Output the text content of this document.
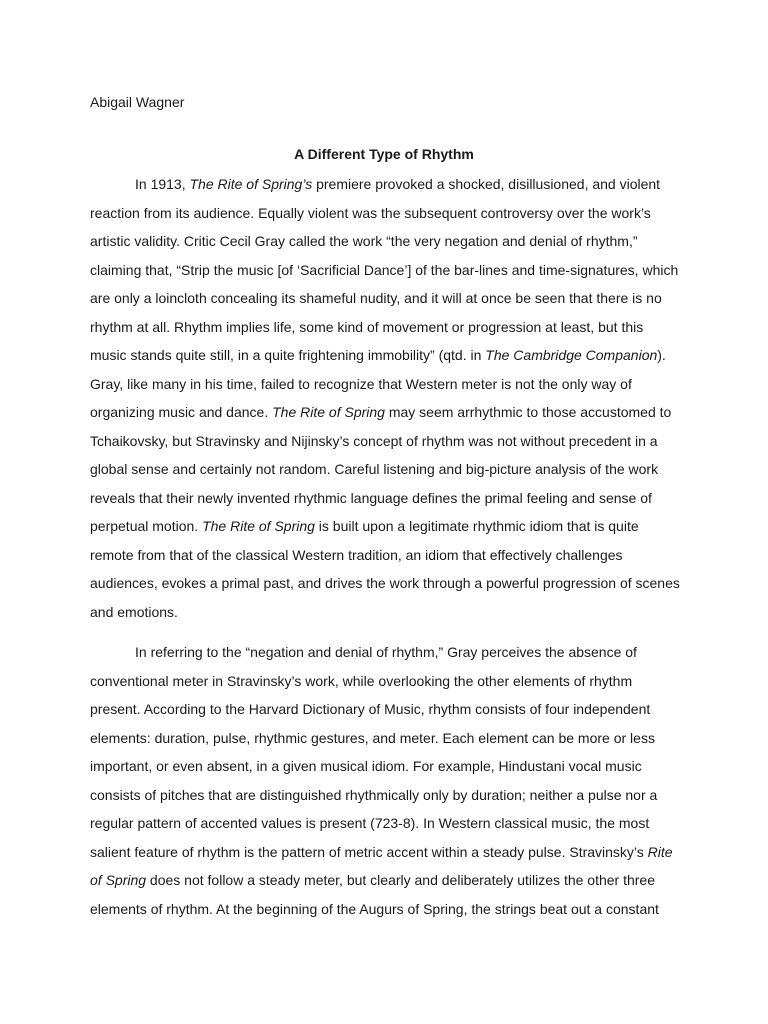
Abigail Wagner
A Different Type of Rhythm
In 1913, The Rite of Spring’s premiere provoked a shocked, disillusioned, and violent
reaction from its audience. Equally violent was the subsequent controversy over the work’s
artistic validity. Critic Cecil Gray called the work “the very negation and denial of rhythm,”
claiming that, “Strip the music [of ‘Sacrificial Dance’] of the bar-lines and time-signatures, which
are only a loincloth concealing its shameful nudity, and it will at once be seen that there is no
rhythm at all. Rhythm implies life, some kind of movement or progression at least, but this
music stands quite still, in a quite frightening immobility” (qtd. in The Cambridge Companion).
Gray, like many in his time, failed to recognize that Western meter is not the only way of
organizing music and dance. The Rite of Spring may seem arrhythmic to those accustomed to
Tchaikovsky, but Stravinsky and Nijinsky’s concept of rhythm was not without precedent in a
global sense and certainly not random. Careful listening and big-picture analysis of the work
reveals that their newly invented rhythmic language defines the primal feeling and sense of
perpetual motion. The Rite of Spring is built upon a legitimate rhythmic idiom that is quite
remote from that of the classical Western tradition, an idiom that effectively challenges
audiences, evokes a primal past, and drives the work through a powerful progression of scenes
and emotions.
In referring to the “negation and denial of rhythm,” Gray perceives the absence of
conventional meter in Stravinsky’s work, while overlooking the other elements of rhythm
present. According to the Harvard Dictionary of Music, rhythm consists of four independent
elements: duration, pulse, rhythmic gestures, and meter. Each element can be more or less
important, or even absent, in a given musical idiom. For example, Hindustani vocal music
consists of pitches that are distinguished rhythmically only by duration; neither a pulse nor a
regular pattern of accented values is present (723-8). In Western classical music, the most
salient feature of rhythm is the pattern of metric accent within a steady pulse. Stravinsky’s Rite
of Spring does not follow a steady meter, but clearly and deliberately utilizes the other three
elements of rhythm. At the beginning of the Augurs of Spring, the strings beat out a constant
